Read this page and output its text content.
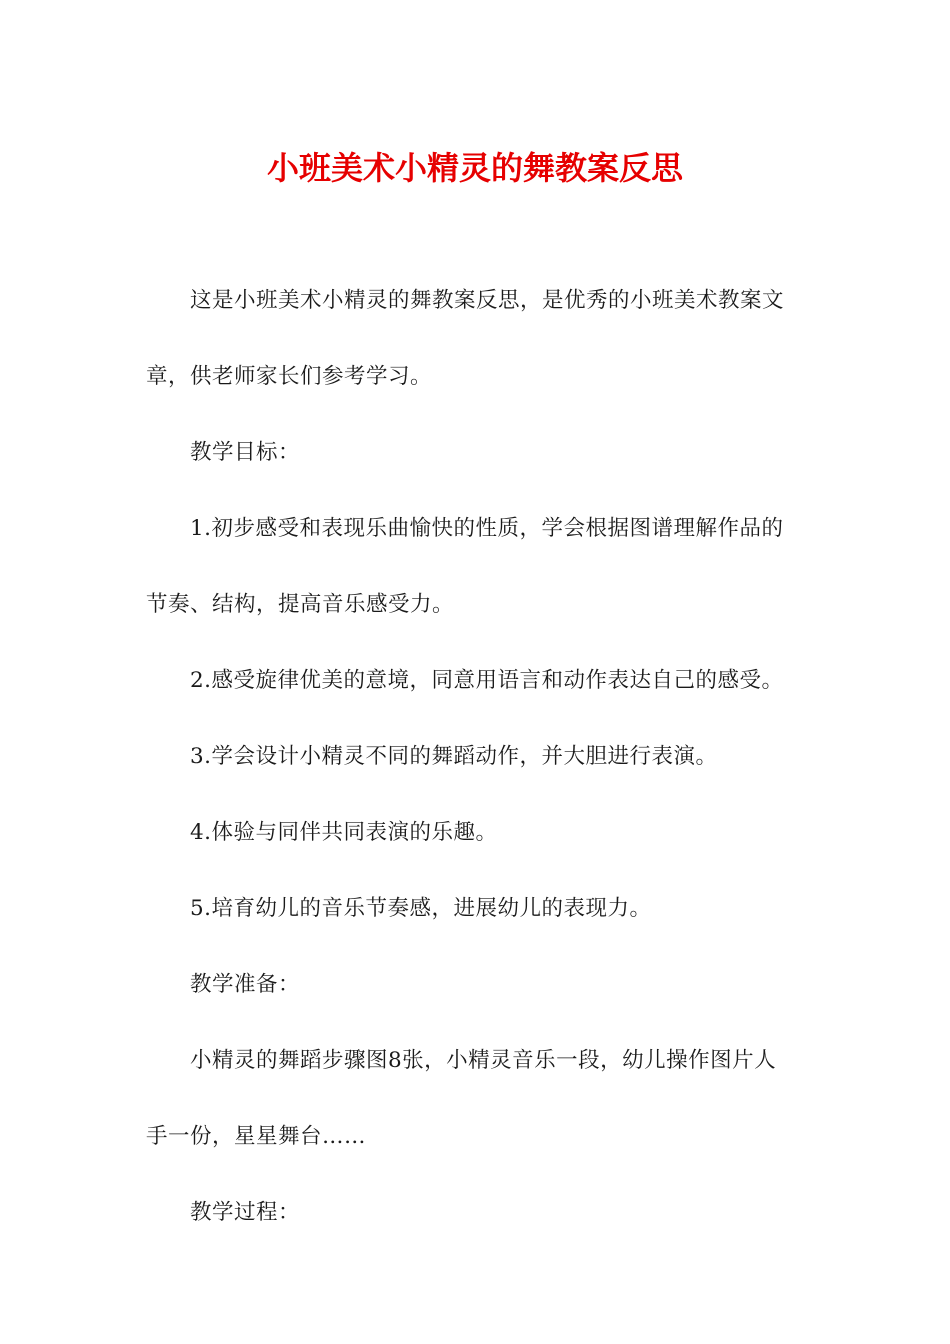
小班美术小精灵的舞教案反思

这是小班美术小精灵的舞教案反思，是优秀的小班美术教案文章，供老师家长们参考学习。

教学目标：

1.初步感受和表现乐曲愉快的性质，学会根据图谱理解作品的节奏、结构，提高音乐感受力。

2.感受旋律优美的意境，同意用语言和动作表达自己的感受。

3.学会设计小精灵不同的舞蹈动作，并大胆进行表演。

4.体验与同伴共同表演的乐趣。

5.培育幼儿的音乐节奏感，进展幼儿的表现力。

教学准备：

小精灵的舞蹈步骤图8张，小精灵音乐一段，幼儿操作图片人手一份，星星舞台……

教学过程：
